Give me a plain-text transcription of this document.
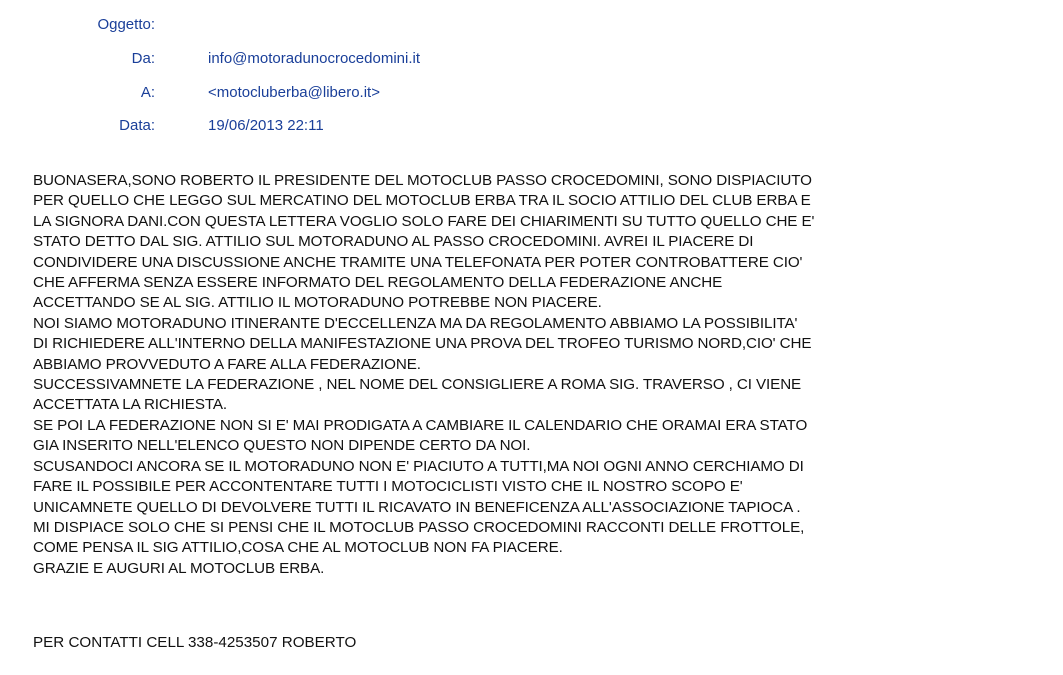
Oggetto:
Da:	info@motoradunocrocedomini.it
A:	<motocluberba@libero.it>
Data:	19/06/2013 22:11
BUONASERA,SONO ROBERTO IL PRESIDENTE DEL MOTOCLUB PASSO CROCEDOMINI, SONO DISPIACIUTO
PER QUELLO CHE LEGGO SUL MERCATINO DEL MOTOCLUB ERBA TRA IL SOCIO ATTILIO DEL CLUB ERBA E
LA SIGNORA DANI.CON QUESTA LETTERA VOGLIO SOLO FARE DEI CHIARIMENTI SU TUTTO QUELLO CHE E'
STATO DETTO DAL SIG. ATTILIO SUL MOTORADUNO AL PASSO CROCEDOMINI. AVREI IL PIACERE DI
CONDIVIDERE UNA DISCUSSIONE ANCHE TRAMITE UNA TELEFONATA PER POTER CONTROBATTERE CIO'
CHE AFFERMA SENZA ESSERE INFORMATO DEL REGOLAMENTO DELLA FEDERAZIONE ANCHE
ACCETTANDO SE AL SIG. ATTILIO IL MOTORADUNO POTREBBE NON PIACERE.
NOI SIAMO MOTORADUNO ITINERANTE D'ECCELLENZA MA DA REGOLAMENTO ABBIAMO LA POSSIBILITA'
DI RICHIEDERE ALL'INTERNO DELLA MANIFESTAZIONE UNA PROVA DEL TROFEO TURISMO NORD,CIO' CHE
ABBIAMO PROVVEDUTO A FARE ALLA FEDERAZIONE.
SUCCESSIVAMNETE LA FEDERAZIONE , NEL NOME DEL CONSIGLIERE A ROMA SIG. TRAVERSO , CI VIENE
ACCETTATA LA RICHIESTA.
SE POI LA FEDERAZIONE NON SI E' MAI PRODIGATA A CAMBIARE IL CALENDARIO CHE ORAMAI ERA STATO
GIA INSERITO NELL'ELENCO QUESTO NON DIPENDE CERTO DA NOI.
SCUSANDOCI ANCORA SE IL MOTORADUNO NON E' PIACIUTO A TUTTI,MA NOI OGNI ANNO CERCHIAMO DI
FARE IL POSSIBILE PER ACCONTENTARE TUTTI I MOTOCICLISTI VISTO CHE IL NOSTRO SCOPO E'
UNICAMNETE QUELLO DI DEVOLVERE TUTTI IL RICAVATO IN BENEFICENZA ALL'ASSOCIAZIONE TAPIOCA .
MI DISPIACE SOLO CHE SI PENSI CHE IL MOTOCLUB PASSO CROCEDOMINI RACCONTI DELLE FROTTOLE,
COME PENSA IL SIG ATTILIO,COSA CHE AL MOTOCLUB NON FA PIACERE.
GRAZIE E AUGURI AL MOTOCLUB ERBA.
PER CONTATTI CELL 338-4253507 ROBERTO
